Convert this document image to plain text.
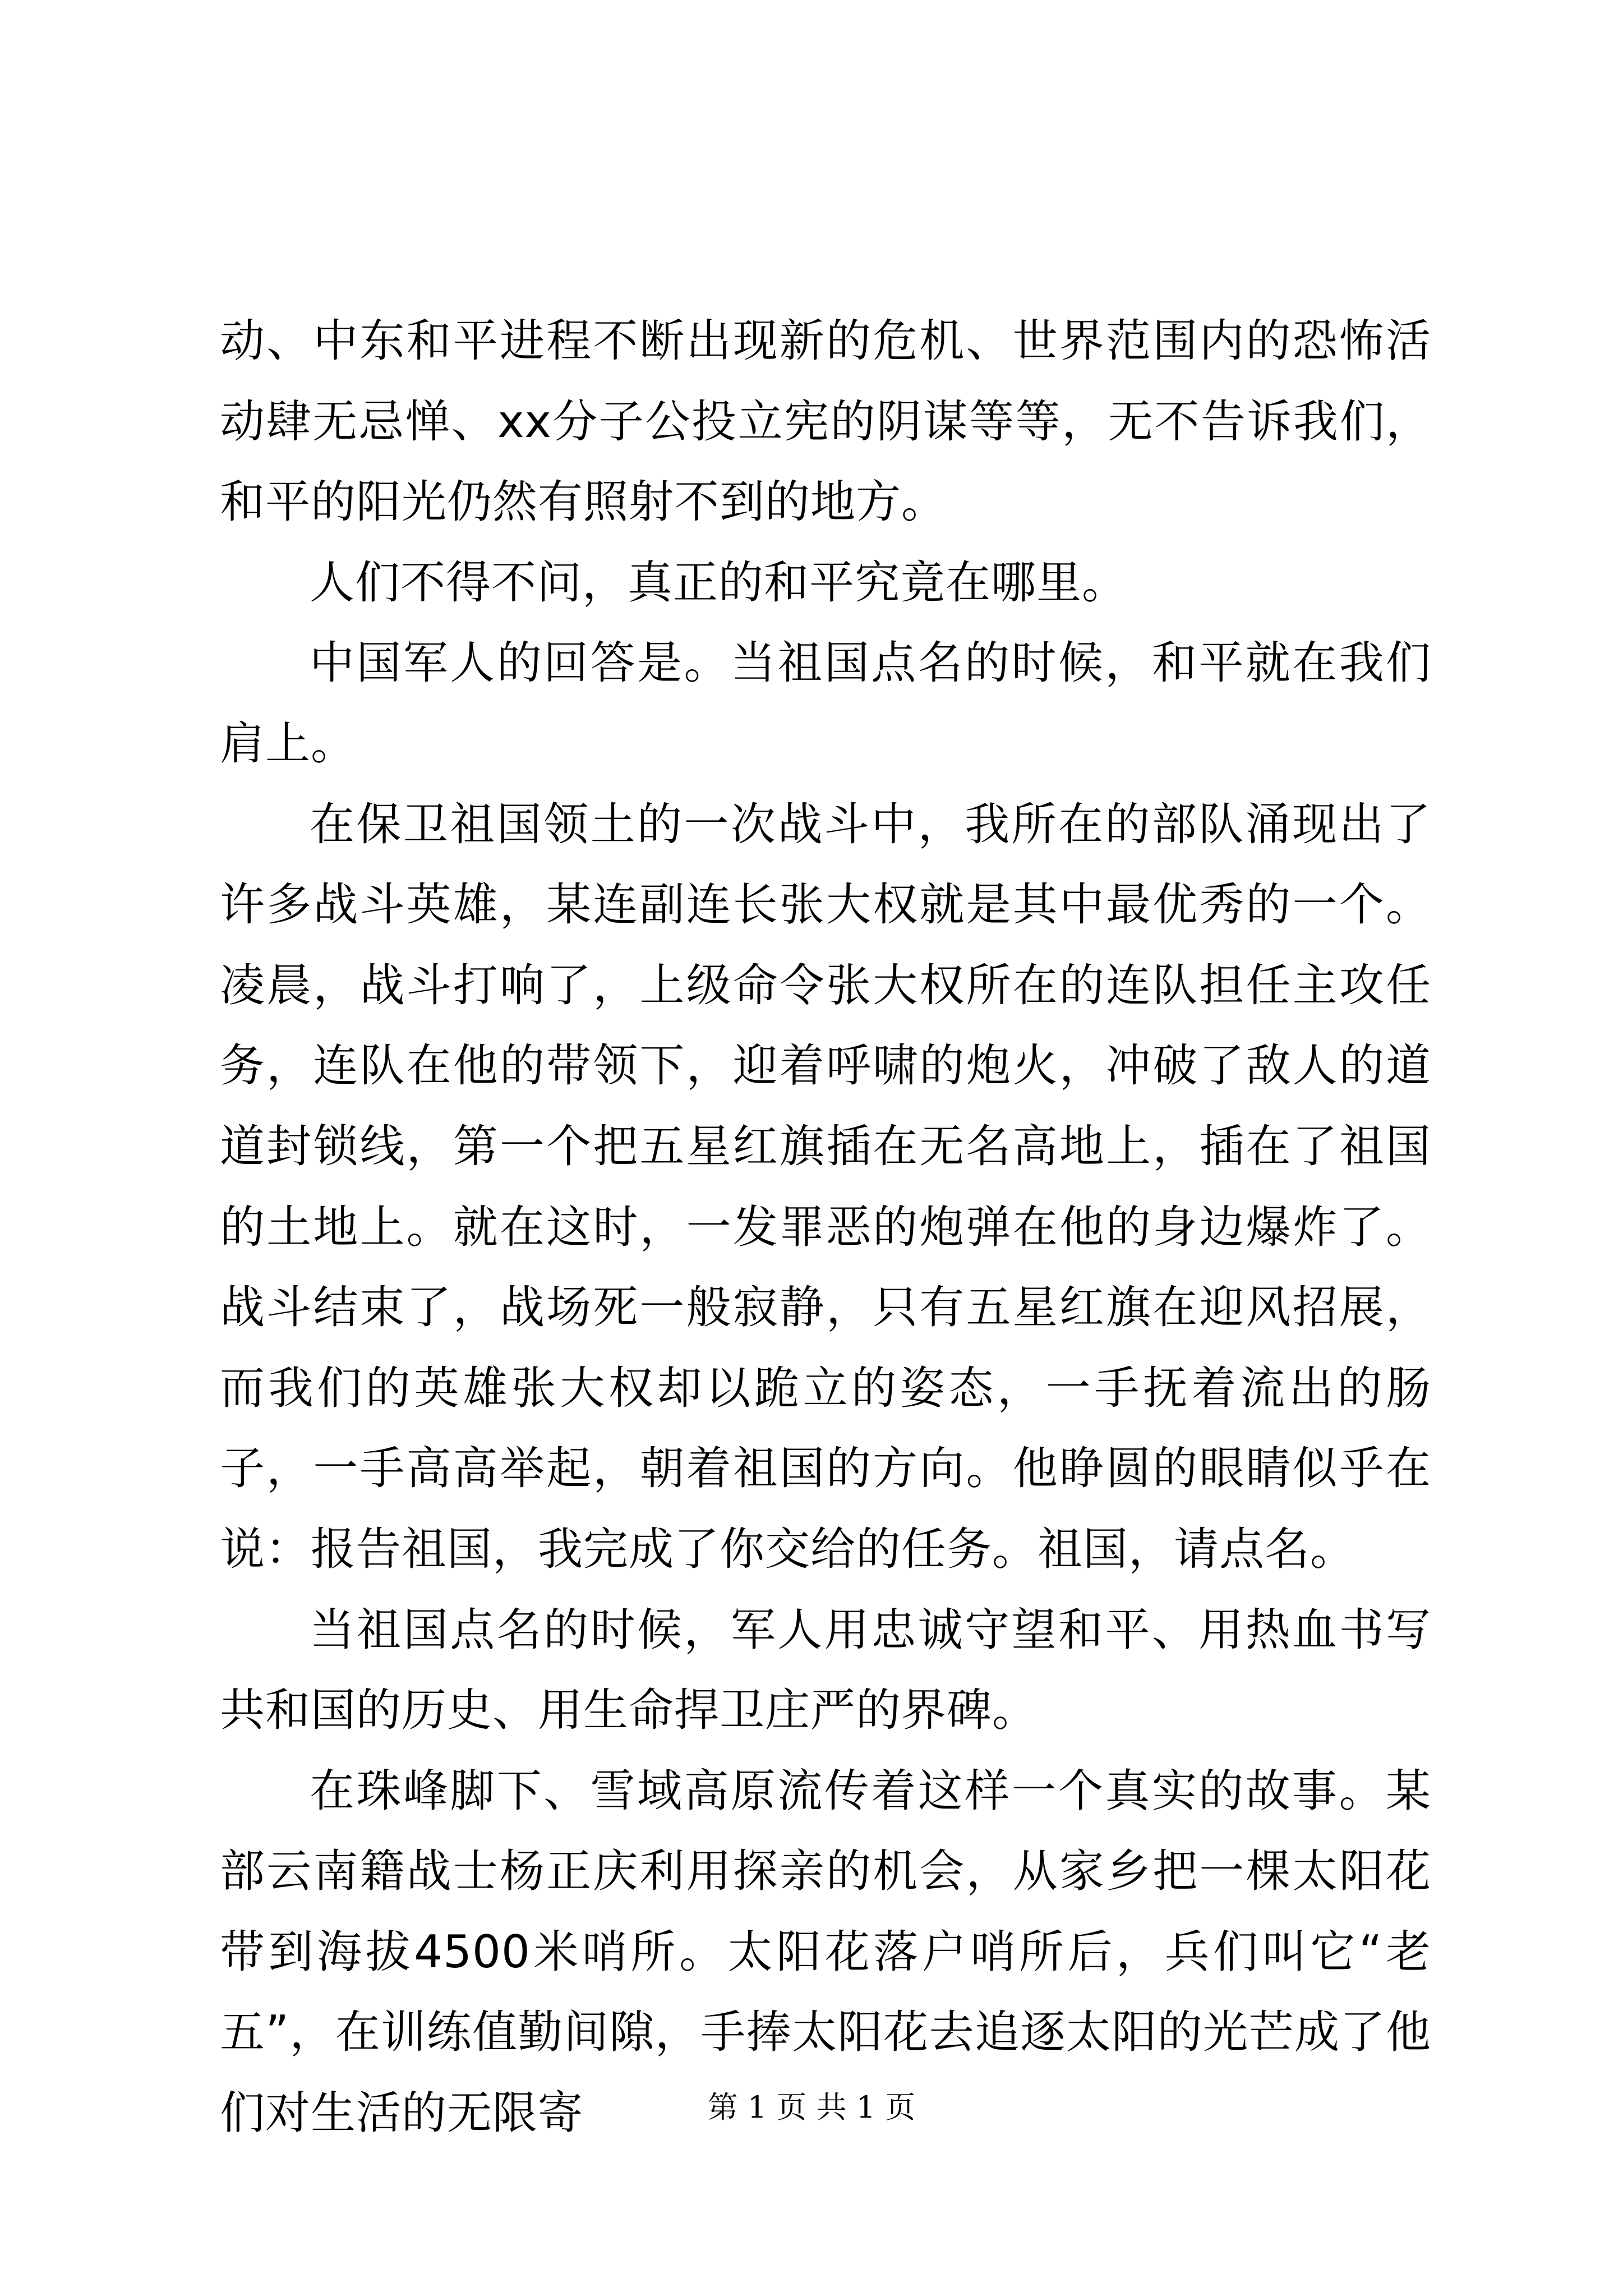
动、中东和平进程不断出现新的危机、世界范围内的恐怖活动肆无忌惮、xx分子公投立宪的阴谋等等，无不告诉我们，和平的阳光仍然有照射不到的地方。

人们不得不问，真正的和平究竟在哪里。

中国军人的回答是。当祖国点名的时候，和平就在我们肩上。

在保卫祖国领土的一次战斗中，我所在的部队涌现出了许多战斗英雄，某连副连长张大权就是其中最优秀的一个。凌晨，战斗打响了，上级命令张大权所在的连队担任主攻任务，连队在他的带领下，迎着呼啸的炮火，冲破了敌人的道道封锁线，第一个把五星红旗插在无名高地上，插在了祖国的土地上。就在这时，一发罪恶的炮弹在他的身边爆炸了。战斗结束了，战场死一般寂静，只有五星红旗在迎风招展，而我们的英雄张大权却以跪立的姿态，一手抚着流出的肠子，一手高高举起，朝着祖国的方向。他睁圆的眼睛似乎在说：报告祖国，我完成了你交给的任务。祖国，请点名。

当祖国点名的时候，军人用忠诚守望和平、用热血书写共和国的历史、用生命捍卫庄严的界碑。

在珠峰脚下、雪域高原流传着这样一个真实的故事。某部云南籍战士杨正庆利用探亲的机会，从家乡把一棵太阳花带到海拔4500米哨所。太阳花落户哨所后，兵们叫它“老五”，在训练值勤间隙，手捧太阳花去追逐太阳的光芒成了他们对生活的无限寄	第 1 页 共 1 页
